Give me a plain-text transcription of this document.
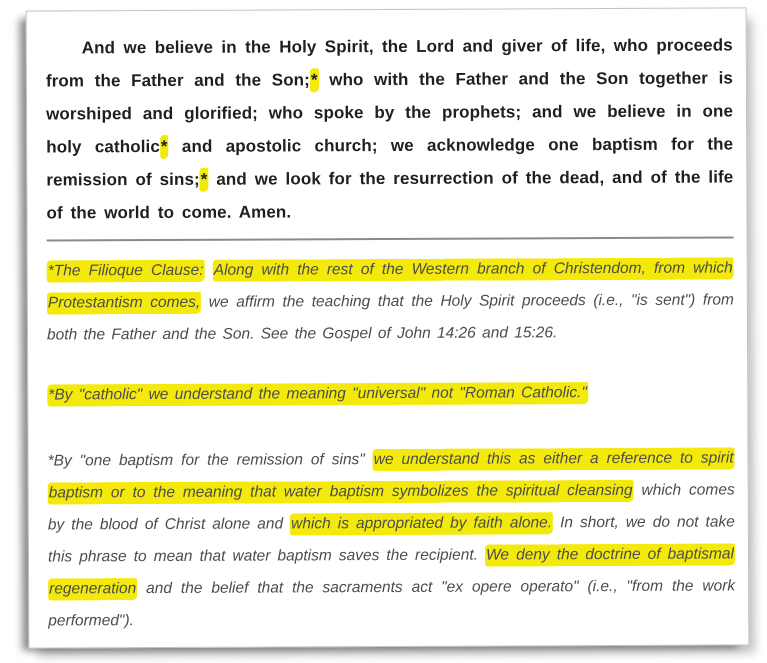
And we believe in the Holy Spirit, the Lord and giver of life, who proceeds from the Father and the Son;* who with the Father and the Son together is worshiped and glorified; who spoke by the prophets; and we believe in one holy catholic* and apostolic church; we acknowledge one baptism for the remission of sins;* and we look for the resurrection of the dead, and of the life of the world to come. Amen.

*The Filioque Clause: Along with the rest of the Western branch of Christendom, from which Protestantism comes, we affirm the teaching that the Holy Spirit proceeds (i.e., "is sent") from both the Father and the Son. See the Gospel of John 14:26 and 15:26.

*By "catholic" we understand the meaning "universal" not "Roman Catholic."

*By "one baptism for the remission of sins" we understand this as either a reference to spirit baptism or to the meaning that water baptism symbolizes the spiritual cleansing which comes by the blood of Christ alone and which is appropriated by faith alone. In short, we do not take this phrase to mean that water baptism saves the recipient. We deny the doctrine of baptismal regeneration and the belief that the sacraments act "ex opere operato" (i.e., "from the work performed").
